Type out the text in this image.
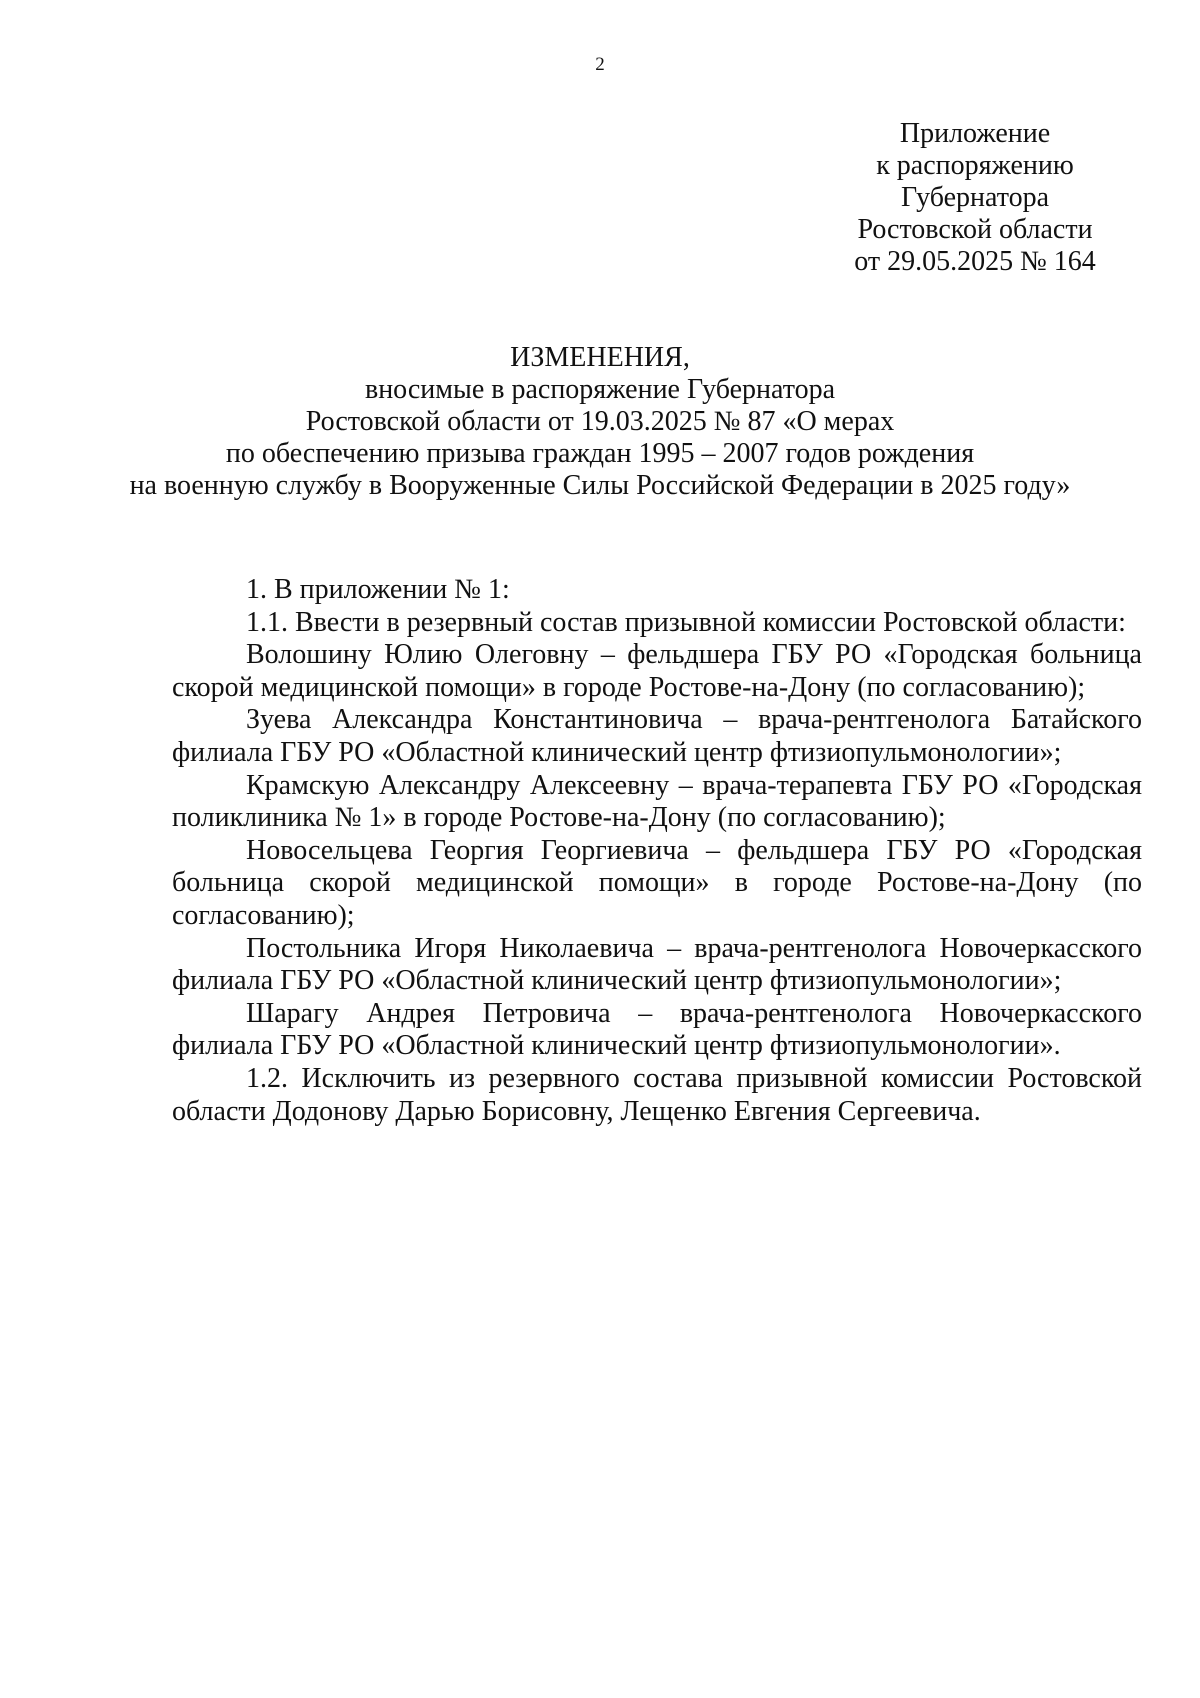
2
Приложение
к распоряжению
Губернатора
Ростовской области
от 29.05.2025 № 164
ИЗМЕНЕНИЯ,
вносимые в распоряжение Губернатора
Ростовской области от 19.03.2025 № 87 «О мерах
по обеспечению призыва граждан 1995 – 2007 годов рождения
на военную службу в Вооруженные Силы Российской Федерации в 2025 году»

1. В приложении № 1:

1.1. Ввести в резервный состав призывной комиссии Ростовской области:

Волошину Юлию Олеговну – фельдшера ГБУ РО «Городская больница скорой медицинской помощи» в городе Ростове-на-Дону (по согласованию);

Зуева Александра Константиновича – врача-рентгенолога Батайского филиала ГБУ РО «Областной клинический центр фтизиопульмонологии»;

Крамскую Александру Алексеевну – врача-терапевта ГБУ РО «Городская поликлиника № 1» в городе Ростове-на-Дону (по согласованию);

Новосельцева Георгия Георгиевича – фельдшера ГБУ РО «Городская больница скорой медицинской помощи» в городе Ростове-на-Дону (по согласованию);

Постольника Игоря Николаевича – врача-рентгенолога Новочеркасского филиала ГБУ РО «Областной клинический центр фтизиопульмонологии»;

Шарагу Андрея Петровича – врача-рентгенолога Новочеркасского филиала ГБУ РО «Областной клинический центр фтизиопульмонологии».

1.2. Исключить из резервного состава призывной комиссии Ростовской области Додонову Дарью Борисовну, Лещенко Евгения Сергеевича.
